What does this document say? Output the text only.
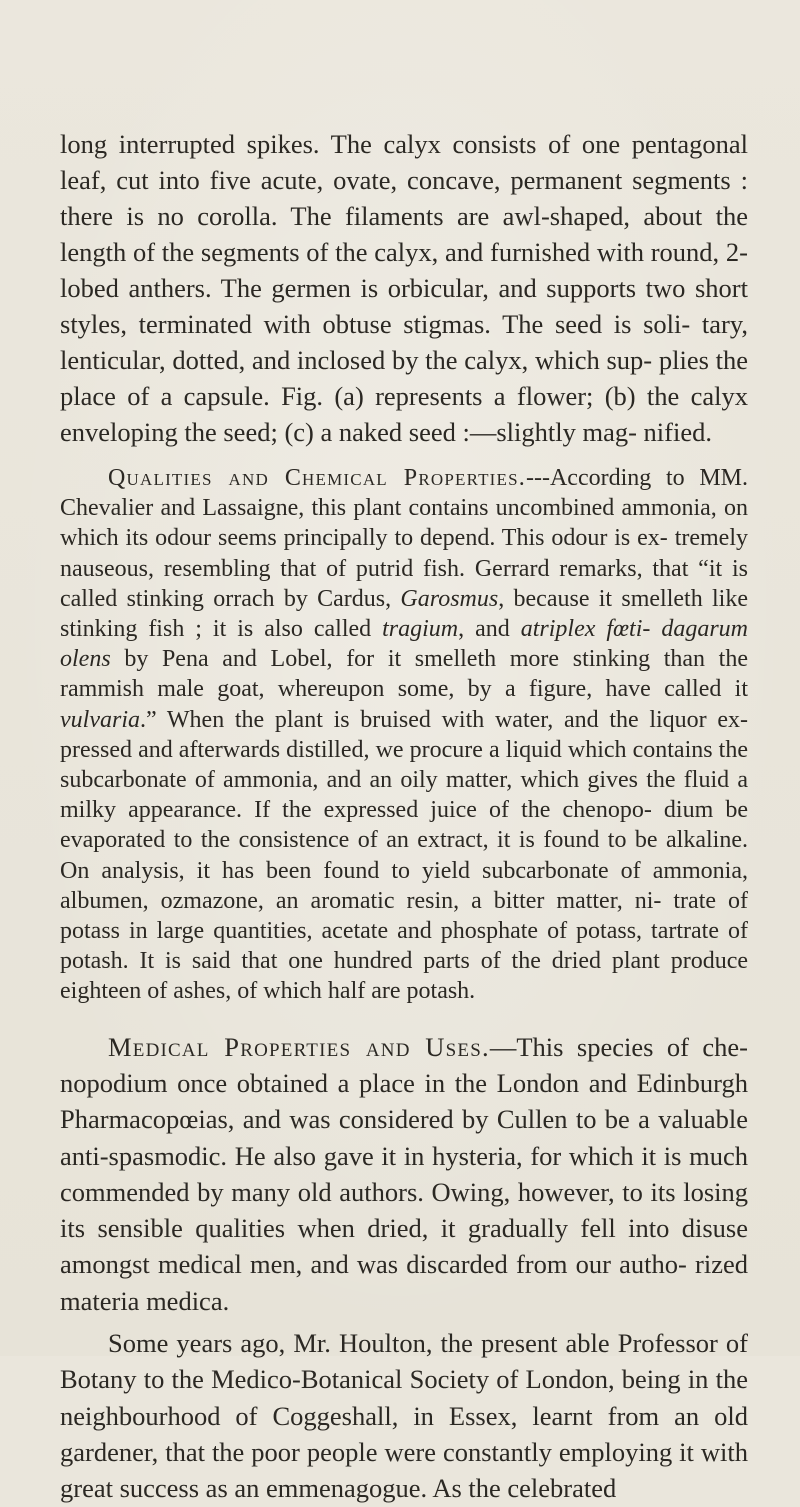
long interrupted spikes. The calyx consists of one pentagonal leaf, cut into five acute, ovate, concave, permanent segments : there is no corolla. The filaments are awl-shaped, about the length of the segments of the calyx, and furnished with round, 2-lobed anthers. The germen is orbicular, and supports two short styles, terminated with obtuse stigmas. The seed is soli- tary, lenticular, dotted, and inclosed by the calyx, which sup- plies the place of a capsule. Fig. (a) represents a flower; (b) the calyx enveloping the seed; (c) a naked seed :—slightly mag- nified.

Qualities and Chemical Properties.---According to MM. Chevalier and Lassaigne, this plant contains uncombined ammonia, on which its odour seems principally to depend. This odour is ex- tremely nauseous, resembling that of putrid fish. Gerrard remarks, that “it is called stinking orrach by Cardus, Garosmus, because it smelleth like stinking fish ; it is also called tragium, and atriplex fœti- dagarum olens by Pena and Lobel, for it smelleth more stinking than the rammish male goat, whereupon some, by a figure, have called it vulvaria.” When the plant is bruised with water, and the liquor ex- pressed and afterwards distilled, we procure a liquid which contains the subcarbonate of ammonia, and an oily matter, which gives the fluid a milky appearance. If the expressed juice of the chenopo- dium be evaporated to the consistence of an extract, it is found to be alkaline. On analysis, it has been found to yield subcarbonate of ammonia, albumen, ozmazone, an aromatic resin, a bitter matter, ni- trate of potass in large quantities, acetate and phosphate of potass, tartrate of potash. It is said that one hundred parts of the dried plant produce eighteen of ashes, of which half are potash.

Medical Properties and Uses.—This species of che- nopodium once obtained a place in the London and Edinburgh Pharmacopœias, and was considered by Cullen to be a valuable anti-spasmodic. He also gave it in hysteria, for which it is much commended by many old authors. Owing, however, to its losing its sensible qualities when dried, it gradually fell into disuse amongst medical men, and was discarded from our autho- rized materia medica.

Some years ago, Mr. Houlton, the present able Professor of Botany to the Medico-Botanical Society of London, being in the neighbourhood of Coggeshall, in Essex, learnt from an old gardener, that the poor people were constantly employing it with great success as an emmenagogue. As the celebrated
